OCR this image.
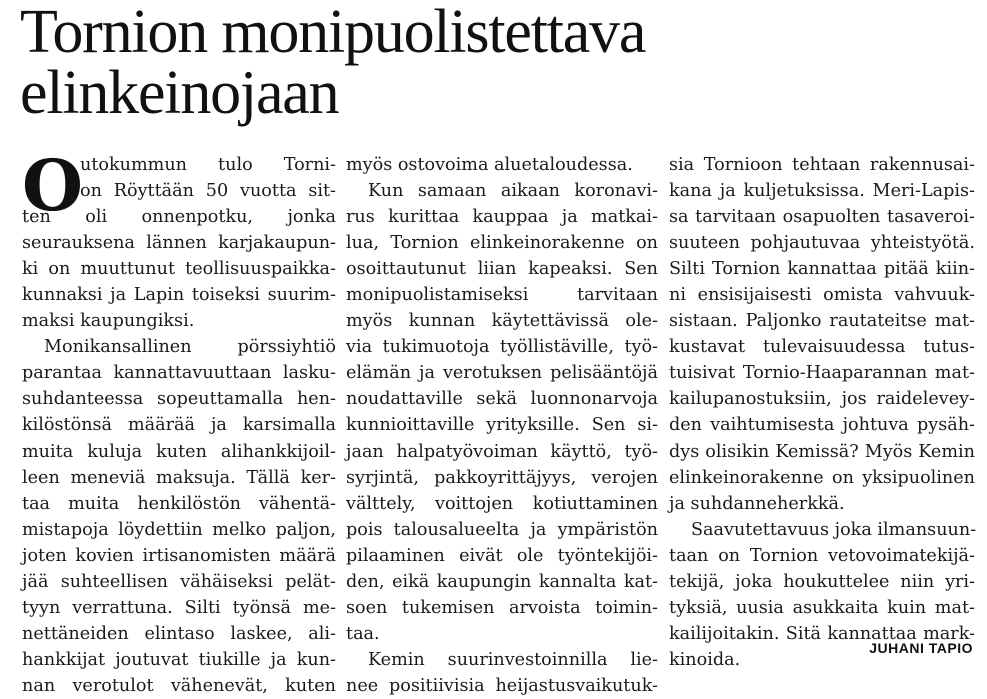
Tornion monipuolistettava
elinkeinojaan
O
utokummun tulo Torni-
on Röyttään 50 vuotta sit-
ten oli onnenpotku, jonka
seurauksena lännen karjakaupun-
ki on muuttunut teollisuuspaikka-
kunnaksi ja Lapin toiseksi suurim-
maksi kaupungiksi.
Monikansallinen pörssiyhtiö
parantaa kannattavuuttaan lasku-
suhdanteessa sopeuttamalla hen-
kilöstönsä määrää ja karsimalla
muita kuluja kuten alihankkijoil-
leen meneviä maksuja. Tällä ker-
taa muita henkilöstön vähentä-
mistapoja löydettiin melko paljon,
joten kovien irtisanomisten määrä
jää suhteellisen vähäiseksi pelät-
tyyn verrattuna. Silti työnsä me-
nettäneiden elintaso laskee, ali-
hankkijat joutuvat tiukille ja kun-
nan verotulot vähenevät, kuten
myös ostovoima aluetaloudessa.
Kun samaan aikaan koronavi-
rus kurittaa kauppaa ja matkai-
lua, Tornion elinkeinorakenne on
osoittautunut liian kapeaksi. Sen
monipuolistamiseksi tarvitaan
myös kunnan käytettävissä ole-
via tukimuotoja työllistäville, työ-
elämän ja verotuksen pelisääntöjä
noudattaville sekä luonnonarvoja
kunnioittaville yrityksille. Sen si-
jaan halpatyövoiman käyttö, työ-
syrjintä, pakkoyrittäjyys, verojen
välttely, voittojen kotiuttaminen
pois talousalueelta ja ympäristön
pilaaminen eivät ole työntekijöi-
den, eikä kaupungin kannalta kat-
soen tukemisen arvoista toimin-
taa.
Kemin suurinvestoinnilla lie-
nee positiivisia heijastusvaikutuk-
sia Tornioon tehtaan rakennusai-
kana ja kuljetuksissa. Meri-Lapis-
sa tarvitaan osapuolten tasaveroi-
suuteen pohjautuvaa yhteistyötä.
Silti Tornion kannattaa pitää kiin-
ni ensisijaisesti omista vahvuuk-
sistaan. Paljonko rautateitse mat-
kustavat tulevaisuudessa tutus-
tuisivat Tornio-Haaparannan mat-
kailupanostuksiin, jos raidelevey-
den vaihtumisesta johtuva pysäh-
dys olisikin Kemissä? Myös Kemin
elinkeinorakenne on yksipuolinen
ja suhdanneherkkä.
Saavutettavuus joka ilmansuun-
taan on Tornion vetovoimatekijä-
tekijä, joka houkuttelee niin yri-
tyksiä, uusia asukkaita kuin mat-
kailijoitakin. Sitä kannattaa mark-
kinoida.
JUHANI TAPIO
